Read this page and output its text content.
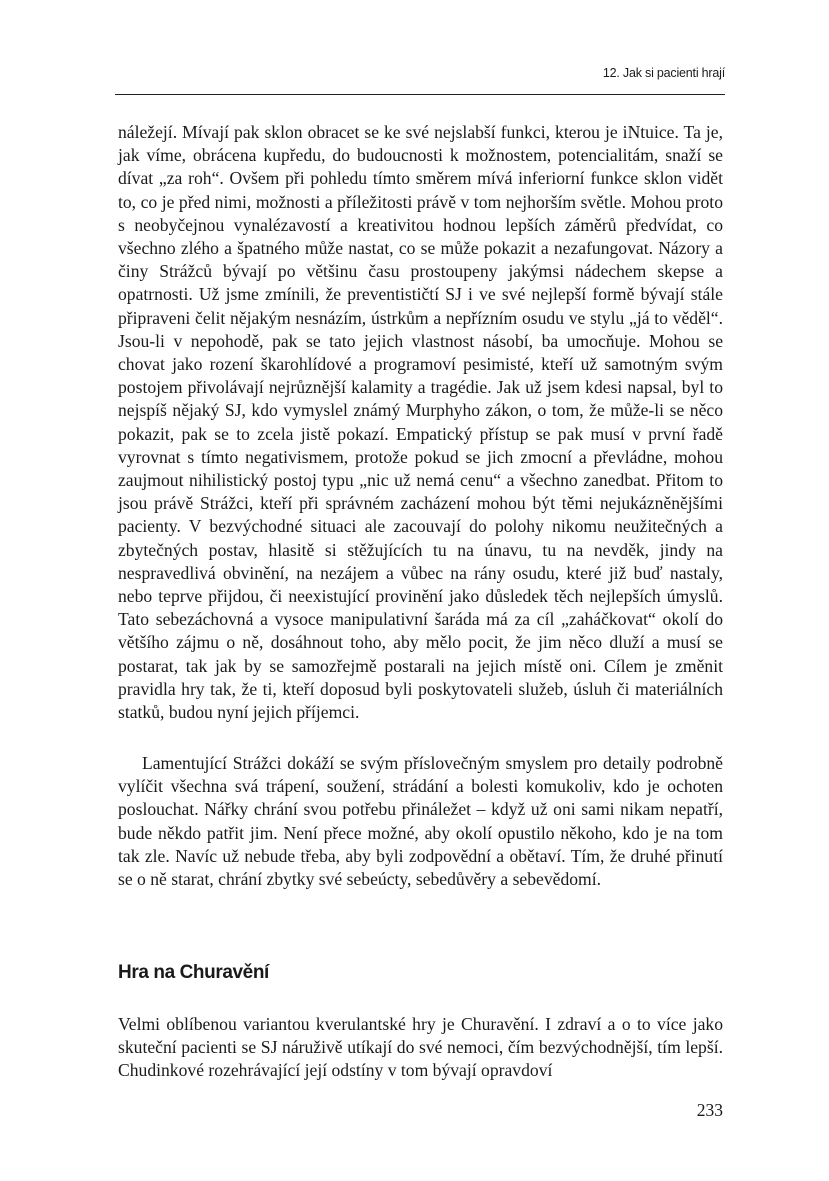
12. Jak si pacienti hrají

náležejí. Mívají pak sklon obracet se ke své nejslabší funkci, kterou je iNtuice. Ta je, jak víme, obrácena kupředu, do budoucnosti k možnostem, potencialitám, snaží se dívat „za roh“. Ovšem při pohledu tímto směrem mívá inferiorní funkce sklon vidět to, co je před nimi, možnosti a příležitosti právě v tom nejhorším světle. Mohou proto s neobyčejnou vynalézavostí a kreativitou hodnou lepších záměrů předvídat, co všechno zlého a špatného může nastat, co se může pokazit a nezafungovat. Názory a činy Strážců bývají po většinu času prostoupeny jakýmsi nádechem skepse a opatrnosti. Už jsme zmínili, že preventističtí SJ i ve své nejlepší formě bývají stále připraveni čelit nějakým nesnázím, ústrkům a nepřízním osudu ve stylu „já to věděl“. Jsou-li v nepohodě, pak se tato jejich vlastnost násobí, ba umocňuje. Mohou se chovat jako rození škarohlídové a programoví pesimisté, kteří už samotným svým postojem přivolávají nejrůznější kalamity a tragédie. Jak už jsem kdesi napsal, byl to nejspíš nějaký SJ, kdo vymyslel známý Murphyho zákon, o tom, že může-li se něco pokazit, pak se to zcela jistě pokazí. Empatický přístup se pak musí v první řadě vyrovnat s tímto negativismem, protože pokud se jich zmocní a převládne, mohou zaujmout nihilistický postoj typu „nic už nemá cenu“ a všechno zanedbat. Přitom to jsou právě Strážci, kteří při správném zacházení mohou být těmi nejukázněnějšími pacienty. V bezvýchodné situaci ale zacouvají do polohy nikomu neužitečných a zbytečných postav, hlasitě si stěžujících tu na únavu, tu na nevděk, jindy na nespravedlivá obvinění, na nezájem a vůbec na rány osudu, které již buď nastaly, nebo teprve přijdou, či neexistující provinění jako důsledek těch nejlepších úmyslů. Tato sebezáchovná a vysoce manipulativní šaráda má za cíl „zaháčkovat“ okolí do většího zájmu o ně, dosáhnout toho, aby mělo pocit, že jim něco dluží a musí se postarat, tak jak by se samozřejmě postarali na jejich místě oni. Cílem je změnit pravidla hry tak, že ti, kteří doposud byli poskytovateli služeb, úsluh či materiálních statků, budou nyní jejich příjemci.

Lamentující Strážci dokáží se svým příslovečným smyslem pro detaily podrobně vylíčit všechna svá trápení, soužení, strádání a bolesti komukoliv, kdo je ochoten poslouchat. Nářky chrání svou potřebu přináležet – když už oni sami nikam nepatří, bude někdo patřit jim. Není přece možné, aby okolí opustilo někoho, kdo je na tom tak zle. Navíc už nebude třeba, aby byli zodpovědní a obětaví. Tím, že druhé přinutí se o ně starat, chrání zbytky své sebeúcty, sebedůvěry a sebevědomí.

Hra na Churavění

Velmi oblíbenou variantou kverulantské hry je Churavění. I zdraví a o to více jako skuteční pacienti se SJ náruživě utíkají do své nemoci, čím bezvýchodnější, tím lepší. Chudinkové rozehrávající její odstíny v tom bývají opravdoví

233
